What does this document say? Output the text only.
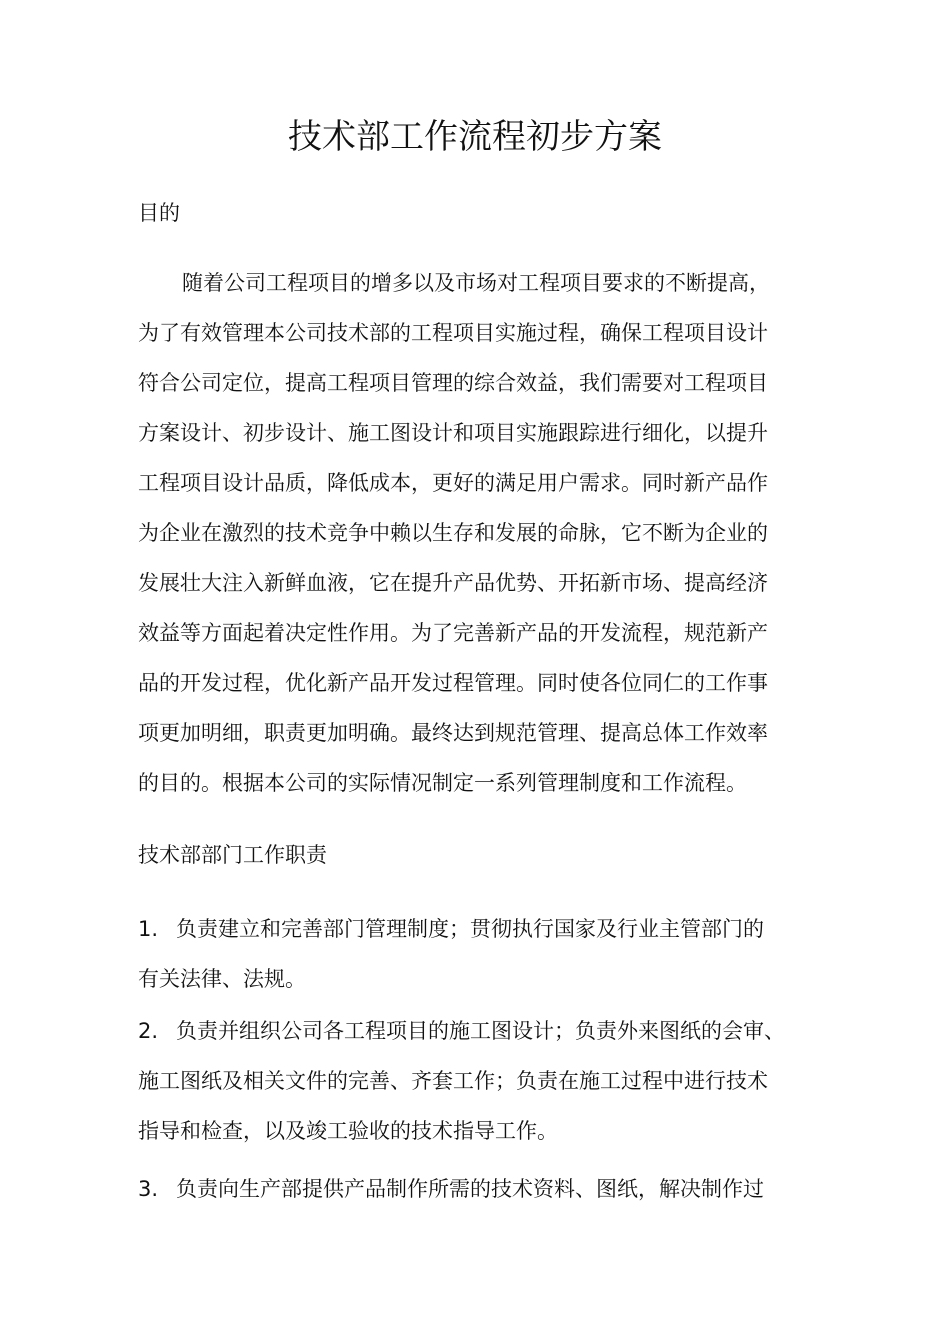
技术部工作流程初步方案

目的

随着公司工程项目的增多以及市场对工程项目要求的不断提高，
为了有效管理本公司技术部的工程项目实施过程，确保工程项目设计
符合公司定位，提高工程项目管理的综合效益，我们需要对工程项目
方案设计、初步设计、施工图设计和项目实施跟踪进行细化，以提升
工程项目设计品质，降低成本，更好的满足用户需求。同时新产品作
为企业在激烈的技术竞争中赖以生存和发展的命脉，它不断为企业的
发展壮大注入新鲜血液，它在提升产品优势、开拓新市场、提高经济
效益等方面起着决定性作用。为了完善新产品的开发流程，规范新产
品的开发过程，优化新产品开发过程管理。同时使各位同仁的工作事
项更加明细，职责更加明确。最终达到规范管理、提高总体工作效率
的目的。根据本公司的实际情况制定一系列管理制度和工作流程。

技术部部门工作职责

1. 负责建立和完善部门管理制度；贯彻执行国家及行业主管部门的
有关法律、法规。
2. 负责并组织公司各工程项目的施工图设计；负责外来图纸的会审、
施工图纸及相关文件的完善、齐套工作；负责在施工过程中进行技术
指导和检查，以及竣工验收的技术指导工作。
3. 负责向生产部提供产品制作所需的技术资料、图纸，解决制作过
